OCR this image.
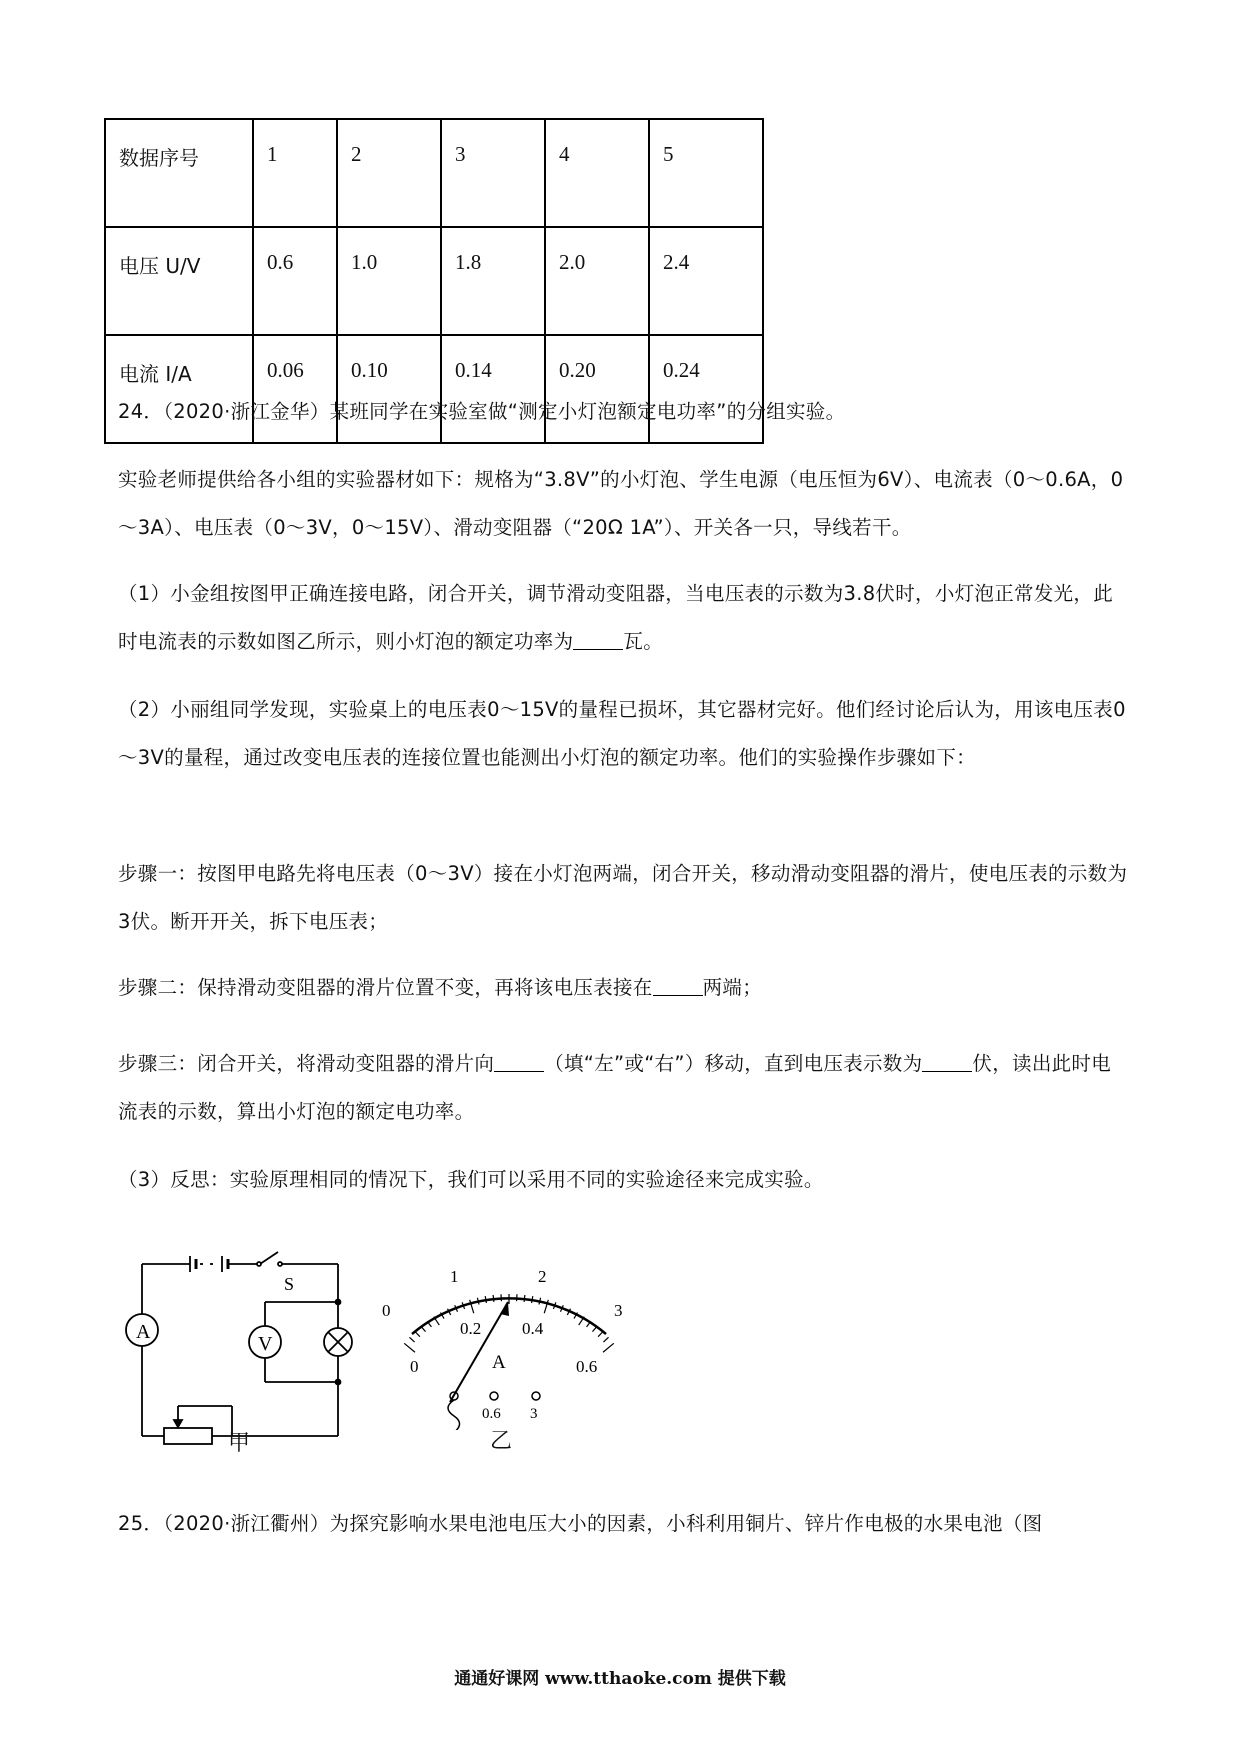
数据序号	1	2	3	4	5
电压 U/V	0.6	1.0	1.8	2.0	2.4
电流 I/A	0.06	0.10	0.14	0.20	0.24
24．（2020·浙江金华）某班同学在实验室做“测定小灯泡额定电功率”的分组实验。
实验老师提供给各小组的实验器材如下：规格为“3.8V”的小灯泡、学生电源（电压恒为6V）、电流表（0～0.6A，0～3A）、电压表（0～3V，0～15V）、滑动变阻器（“20Ω 1A”）、开关各一只，导线若干。
（1）小金组按图甲正确连接电路，闭合开关，调节滑动变阻器，当电压表的示数为3.8伏时，小灯泡正常发光，此时电流表的示数如图乙所示，则小灯泡的额定功率为	瓦。
（2）小丽组同学发现，实验桌上的电压表0～15V的量程已损坏，其它器材完好。他们经讨论后认为，用该电压表0～3V的量程，通过改变电压表的连接位置也能测出小灯泡的额定功率。他们的实验操作步骤如下：
步骤一：按图甲电路先将电压表（0～3V）接在小灯泡两端，闭合开关，移动滑动变阻器的滑片，使电压表的示数为3伏。断开开关，拆下电压表；
步骤二：保持滑动变阻器的滑片位置不变，再将该电压表接在	两端；
步骤三：闭合开关，将滑动变阻器的滑片向	（填“左”或“右”）移动，直到电压表示数为	伏，读出此时电流表的示数，算出小灯泡的额定电功率。
（3）反思：实验原理相同的情况下，我们可以采用不同的实验途径来完成实验。
A
V
S
甲
0
1	2
3
0
0.2 0.4
0.6
A
0.6 3
乙
25．（2020·浙江衢州）为探究影响水果电池电压大小的因素，小科利用铜片、锌片作电极的水果电池（图
通通好课网 www.tthaoke.com 提供下载
